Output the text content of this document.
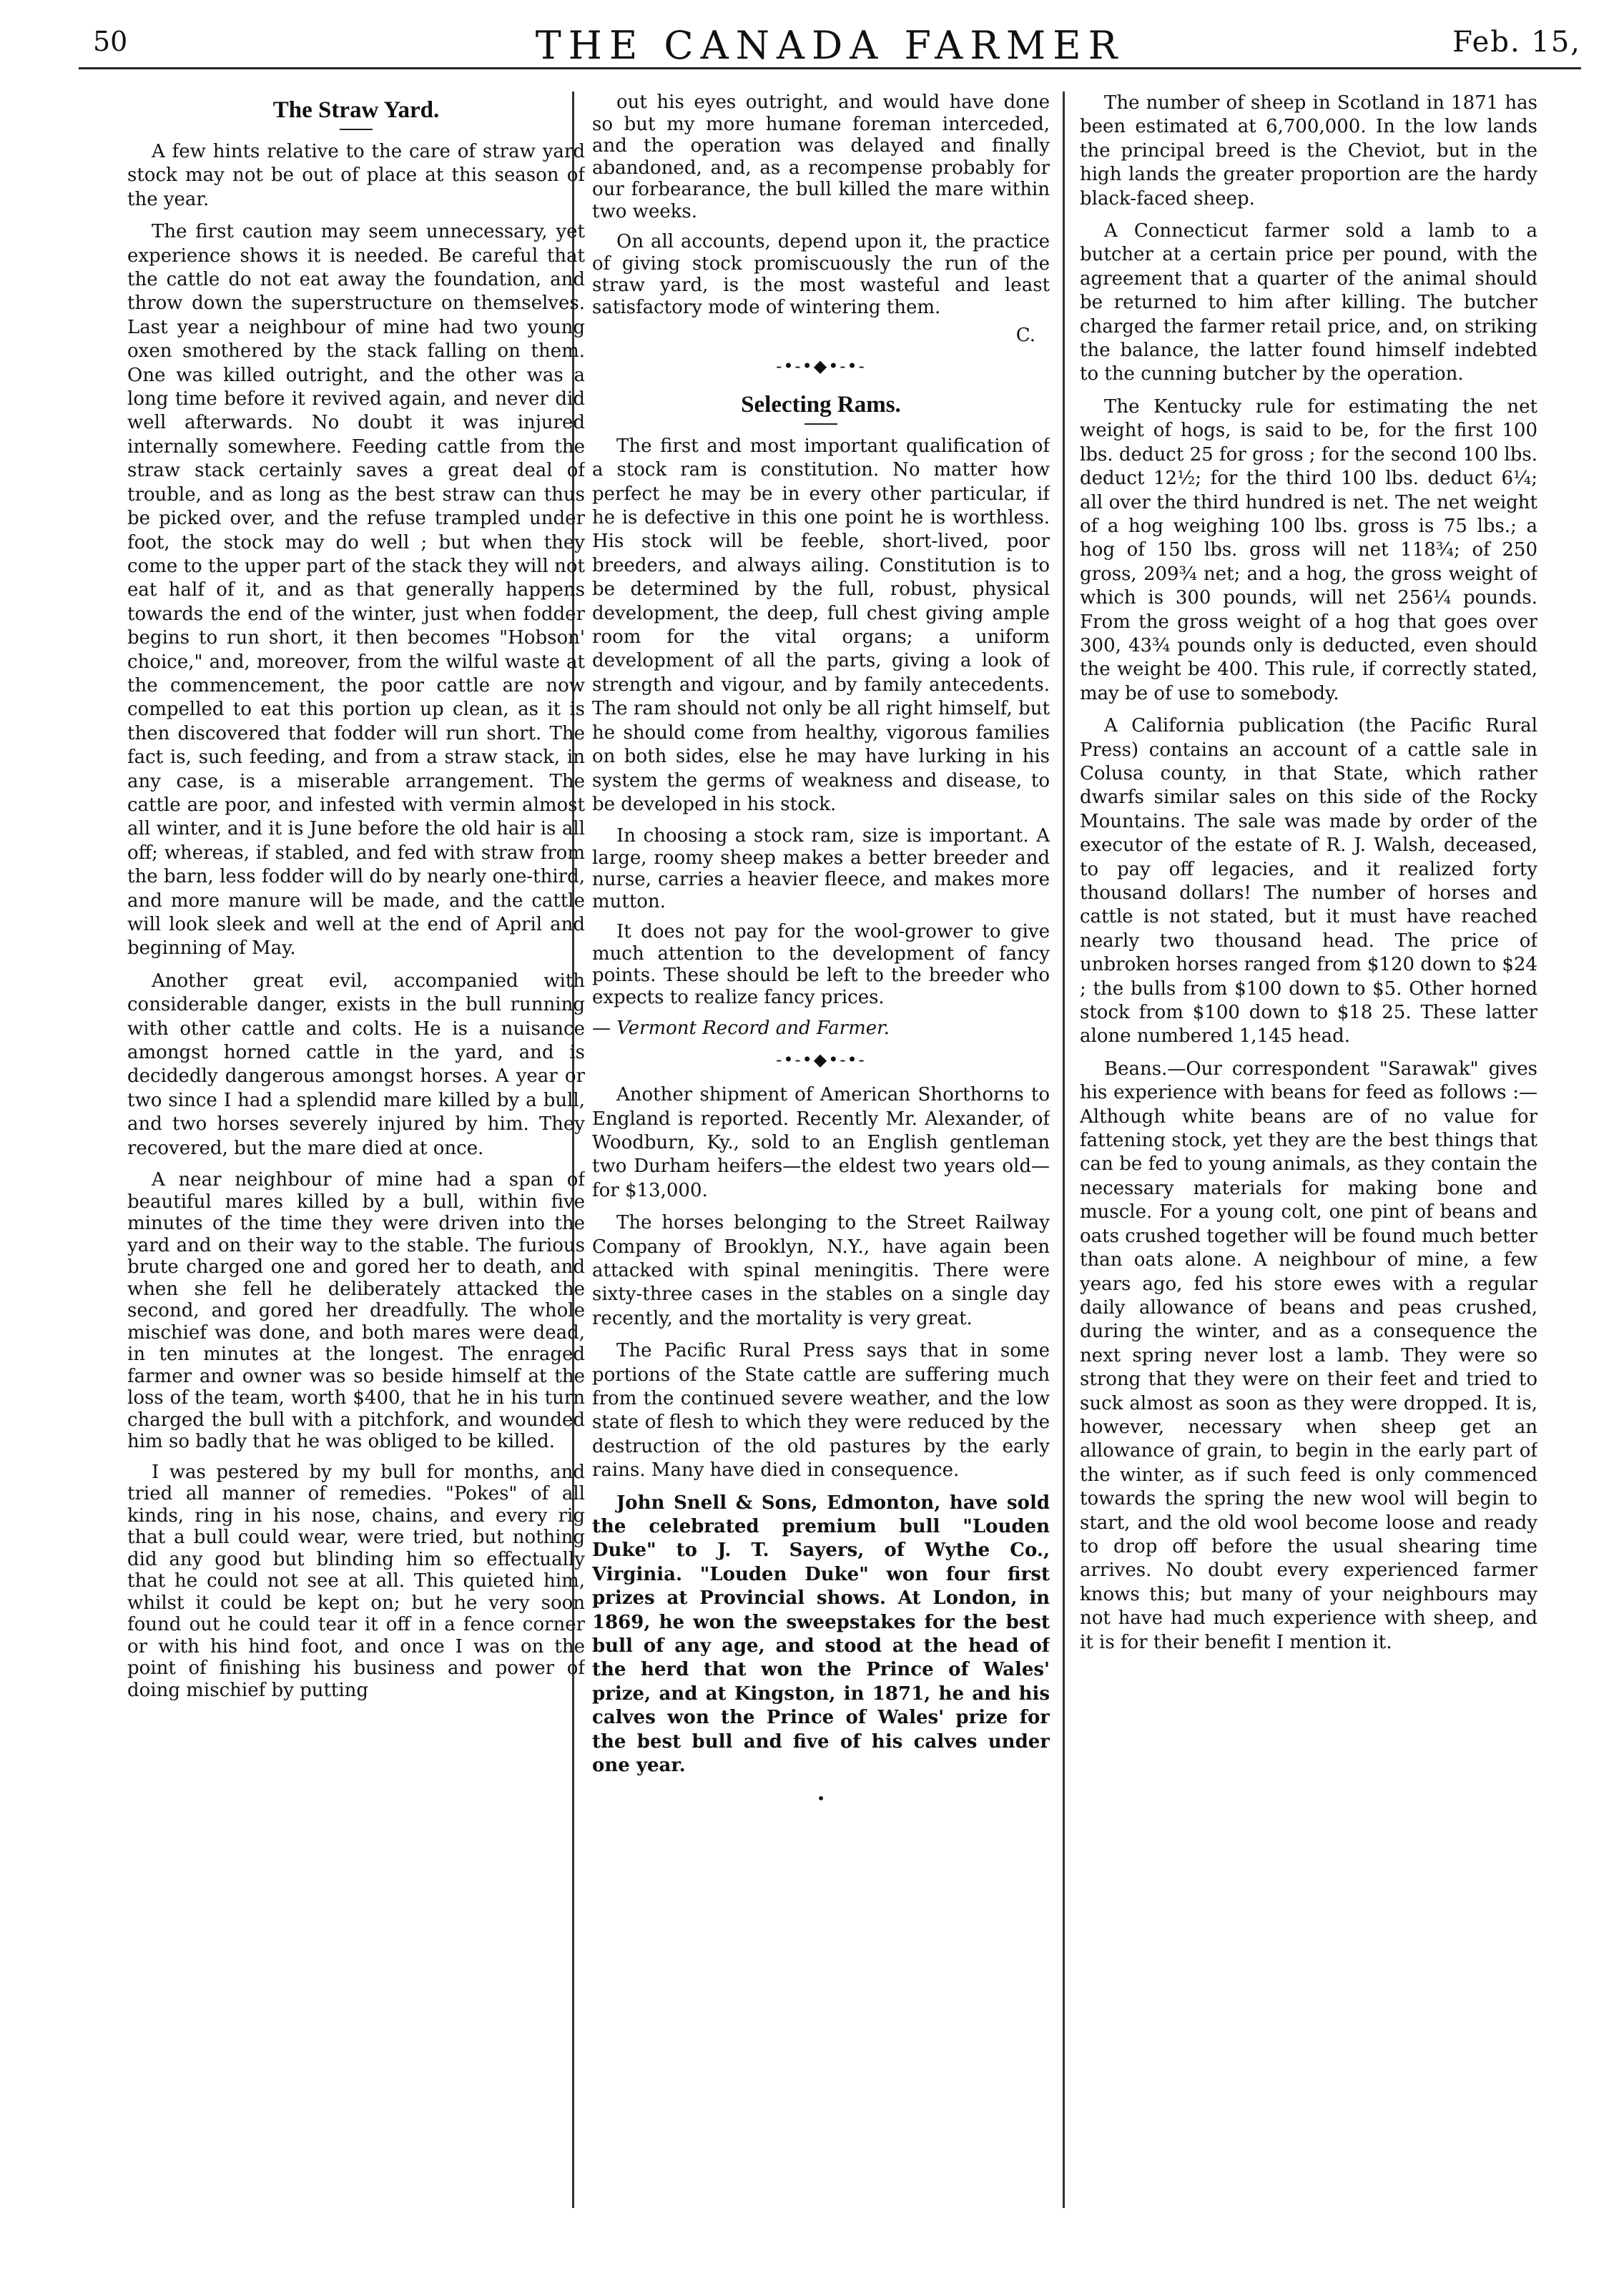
50	THE CANADA FARMER	Feb. 15,
The Straw Yard.

A few hints relative to the care of straw yard stock may not be out of place at this season of the year.

The first caution may seem unnecessary, yet experience shows it is needed. Be careful that the cattle do not eat away the foundation, and throw down the superstructure on themselves. Last year a neighbour of mine had two young oxen smothered by the stack falling on them. One was killed outright, and the other was a long time before it revived again, and never did well afterwards. No doubt it was injured internally somewhere. Feeding cattle from the straw stack certainly saves a great deal of trouble, and as long as the best straw can thus be picked over, and the refuse trampled under foot, the stock may do well ; but when they come to the upper part of the stack they will not eat half of it, and as that generally happens towards the end of the winter, just when fodder begins to run short, it then becomes "Hobson' choice," and, moreover, from the wilful waste at the commencement, the poor cattle are now compelled to eat this portion up clean, as it is then discovered that fodder will run short. The fact is, such feeding, and from a straw stack, in any case, is a miserable arrangement. The cattle are poor, and infested with vermin almost all winter, and it is June before the old hair is all off; whereas, if stabled, and fed with straw from the barn, less fodder will do by nearly one-third, and more manure will be made, and the cattle will look sleek and well at the end of April and beginning of May.

Another great evil, accompanied with considerable danger, exists in the bull running with other cattle and colts. He is a nuisance amongst horned cattle in the yard, and is decidedly dangerous amongst horses. A year or two since I had a splendid mare killed by a bull, and two horses severely injured by him. They recovered, but the mare died at once.

A near neighbour of mine had a span of beautiful mares killed by a bull, within five minutes of the time they were driven into the yard and on their way to the stable. The furious brute charged one and gored her to death, and when she fell he deliberately attacked the second, and gored her dreadfully. The whole mischief was done, and both mares were dead, in ten minutes at the longest. The enraged farmer and owner was so beside himself at the loss of the team, worth $400, that he in his turn charged the bull with a pitchfork, and wounded him so badly that he was obliged to be killed.

I was pestered by my bull for months, and tried all manner of remedies. "Pokes" of all kinds, ring in his nose, chains, and every rig that a bull could wear, were tried, but nothing did any good but blinding him so effectually that he could not see at all. This quieted him, whilst it could be kept on; but he very soon found out he could tear it off in a fence corner or with his hind foot, and once I was on the point of finishing his business and power of doing mischief by putting

out his eyes outright, and would have done so but my more humane foreman interceded, and the operation was delayed and finally abandoned, and, as a recompense probably for our forbearance, the bull killed the mare within two weeks.

On all accounts, depend upon it, the practice of giving stock promiscuously the run of the straw yard, is the most wasteful and least satisfactory mode of wintering them.

C.
-•-•◆•-•-
Selecting Rams.

The first and most important qualification of a stock ram is constitution. No matter how perfect he may be in every other particular, if he is defective in this one point he is worthless. His stock will be feeble, short-lived, poor breeders, and always ailing. Constitution is to be determined by the full, robust, physical development, the deep, full chest giving ample room for the vital organs; a uniform development of all the parts, giving a look of strength and vigour, and by family antecedents. The ram should not only be all right himself, but he should come from healthy, vigorous families on both sides, else he may have lurking in his system the germs of weakness and disease, to be developed in his stock.

In choosing a stock ram, size is important. A large, roomy sheep makes a better breeder and nurse, carries a heavier fleece, and makes more mutton.

It does not pay for the wool-grower to give much attention to the development of fancy points. These should be left to the breeder who expects to realize fancy prices.

— Vermont Record and Farmer.
-•-•◆•-•-

Another shipment of American Shorthorns to England is reported. Recently Mr. Alexander, of Woodburn, Ky., sold to an English gentleman two Durham heifers—the eldest two years old—for $13,000.

The horses belonging to the Street Railway Company of Brooklyn, N.Y., have again been attacked with spinal meningitis. There were sixty-three cases in the stables on a single day recently, and the mortality is very great.

The Pacific Rural Press says that in some portions of the State cattle are suffering much from the continued severe weather, and the low state of flesh to which they were reduced by the destruction of the old pastures by the early rains. Many have died in consequence.

John Snell & Sons, Edmonton, have sold the celebrated premium bull "Louden Duke" to J. T. Sayers, of Wythe Co., Virginia. "Louden Duke" won four first prizes at Provincial shows. At London, in 1869, he won the sweepstakes for the best bull of any age, and stood at the head of the herd that won the Prince of Wales' prize, and at Kingston, in 1871, he and his calves won the Prince of Wales' prize for the best bull and five of his calves under one year.

•

The number of sheep in Scotland in 1871 has been estimated at 6,700,000. In the low lands the principal breed is the Cheviot, but in the high lands the greater proportion are the hardy black-faced sheep.

A Connecticut farmer sold a lamb to a butcher at a certain price per pound, with the agreement that a quarter of the animal should be returned to him after killing. The butcher charged the farmer retail price, and, on striking the balance, the latter found himself indebted to the cunning butcher by the operation.

The Kentucky rule for estimating the net weight of hogs, is said to be, for the first 100 lbs. deduct 25 for gross ; for the second 100 lbs. deduct 12½; for the third 100 lbs. deduct 6¼; all over the third hundred is net. The net weight of a hog weighing 100 lbs. gross is 75 lbs.; a hog of 150 lbs. gross will net 118¾; of 250 gross, 209¾ net; and a hog, the gross weight of which is 300 pounds, will net 256¼ pounds. From the gross weight of a hog that goes over 300, 43¾ pounds only is deducted, even should the weight be 400. This rule, if correctly stated, may be of use to somebody.

A California publication (the Pacific Rural Press) contains an account of a cattle sale in Colusa county, in that State, which rather dwarfs similar sales on this side of the Rocky Mountains. The sale was made by order of the executor of the estate of R. J. Walsh, deceased, to pay off legacies, and it realized forty thousand dollars! The number of horses and cattle is not stated, but it must have reached nearly two thousand head. The price of unbroken horses ranged from $120 down to $24 ; the bulls from $100 down to $5. Other horned stock from $100 down to $18 25. These latter alone numbered 1,145 head.

Beans.—Our correspondent "Sarawak" gives his experience with beans for feed as follows :—Although white beans are of no value for fattening stock, yet they are the best things that can be fed to young animals, as they contain the necessary materials for making bone and muscle. For a young colt, one pint of beans and oats crushed together will be found much better than oats alone. A neighbour of mine, a few years ago, fed his store ewes with a regular daily allowance of beans and peas crushed, during the winter, and as a consequence the next spring never lost a lamb. They were so strong that they were on their feet and tried to suck almost as soon as they were dropped. It is, however, necessary when sheep get an allowance of grain, to begin in the early part of the winter, as if such feed is only commenced towards the spring the new wool will begin to start, and the old wool become loose and ready to drop off before the usual shearing time arrives. No doubt every experienced farmer knows this; but many of your neighbours may not have had much experience with sheep, and it is for their benefit I mention it.
